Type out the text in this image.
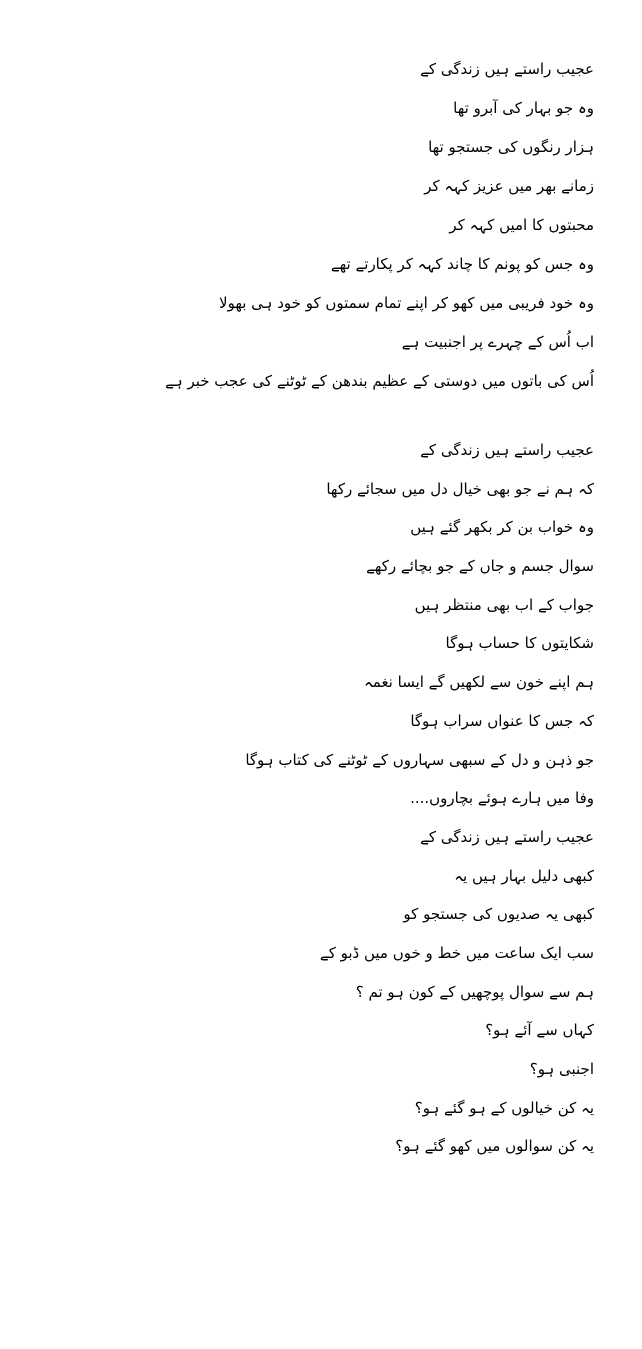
عجیب راستے ہیں زندگی کے
وہ جو بہار کی آبرو تھا
ہزار رنگوں کی جستجو تھا
زمانے بھر میں عزیز کہہ کر
محبتوں کا امیں کہہ کر
وہ جس کو پونم کا چاند کہہ کر پکارتے تھے
وہ خود فریبی میں کھو کر اپنے تمام سمتوں کو خود ہی بھولا
اب اُس کے چہرے پر اجنبیت ہے
اُس کی باتوں میں دوستی کے عظیم بندھن کے ٹوٹنے کی عجب خبر ہے
عجیب راستے ہیں زندگی کے
کہ ہم نے جو بھی خیال دل میں سجائے رکھا
وہ خواب بن کر بکھر گئے ہیں
سوال جسم و جاں کے جو بچائے رکھے
جواب کے اب بھی منتظر ہیں
شکایتوں کا حساب ہوگا
ہم اپنے خون سے لکھیں گے ایسا نغمہ
کہ جس کا عنواں سراب ہوگا
جو ذہن و دل کے سبھی سہاروں کے ٹوٹنے کی کتاب ہوگا
وفا میں ہارے ہوئے بچاروں....
عجیب راستے ہیں زندگی کے
کبھی دلیل بہار ہیں یہ
کبھی یہ صدیوں کی جستجو کو
سب ایک ساعت میں خط و خوں میں ڈبو کے
ہم سے سوال پوچھیں کے کون ہو تم ؟
کہاں سے آئے ہو؟
اجنبی ہو؟
یہ کن خیالوں کے ہو گئے ہو؟
یہ کن سوالوں میں کھو گئے ہو؟
